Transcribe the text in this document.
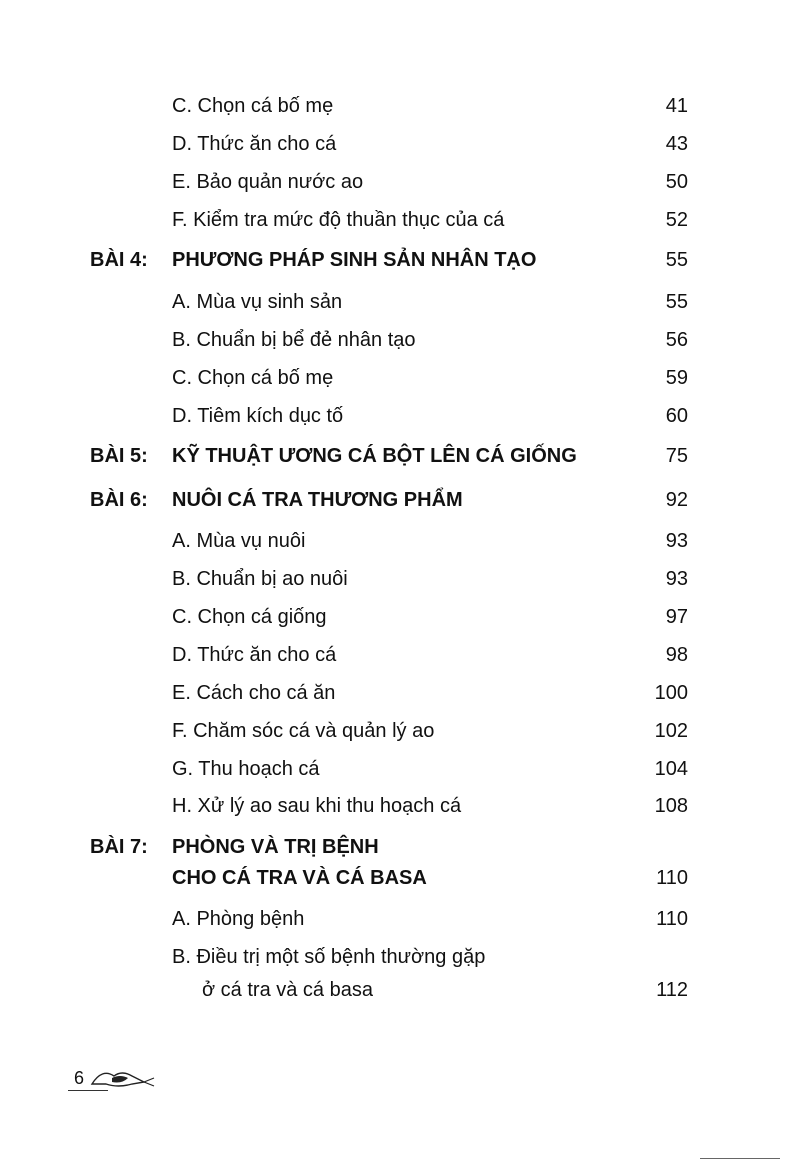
C. Chọn cá bố mẹ	41
D. Thức ăn cho cá	43
E. Bảo quản nước ao	50
F. Kiểm tra mức độ thuần thục của cá	52
BÀI 4: PHƯƠNG PHÁP SINH SẢN NHÂN TẠO	55
A. Mùa vụ sinh sản	55
B. Chuẩn bị bể đẻ nhân tạo	56
C. Chọn cá bố mẹ	59
D. Tiêm kích dục tố	60
BÀI 5: KỸ THUẬT ƯƠNG CÁ BỘT LÊN CÁ GIỐNG	75
BÀI 6: NUÔI CÁ TRA THƯƠNG PHẨM	92
A. Mùa vụ nuôi	93
B. Chuẩn bị ao nuôi	93
C. Chọn cá giống	97
D. Thức ăn cho cá	98
E. Cách cho cá ăn	100
F. Chăm sóc cá và quản lý ao	102
G. Thu hoạch cá	104
H. Xử lý ao sau khi thu hoạch cá	108
BÀI 7: PHÒNG VÀ TRỊ BỆNH
CHO CÁ TRA VÀ CÁ BASA	110
A. Phòng bệnh	110
B. Điều trị một số bệnh thường gặp
ở cá tra và cá basa	112
6
